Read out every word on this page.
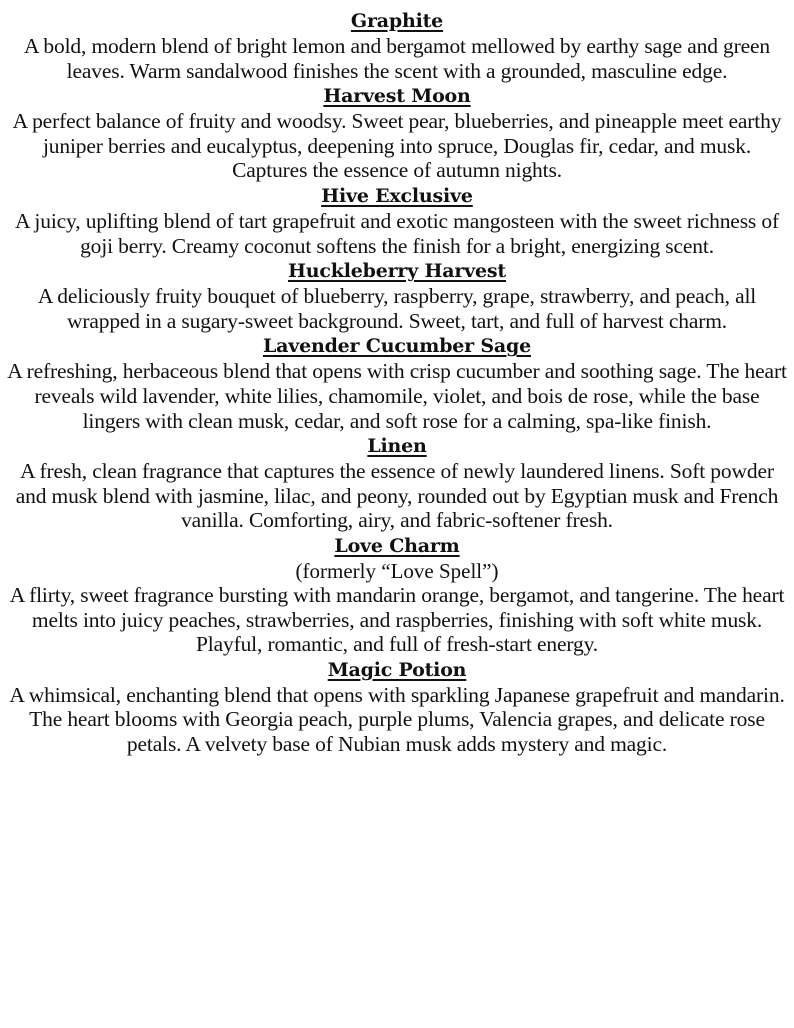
Graphite
A bold, modern blend of bright lemon and bergamot mellowed by earthy sage and green leaves. Warm sandalwood finishes the scent with a grounded, masculine edge.
Harvest Moon
A perfect balance of fruity and woodsy. Sweet pear, blueberries, and pineapple meet earthy juniper berries and eucalyptus, deepening into spruce, Douglas fir, cedar, and musk. Captures the essence of autumn nights.
Hive Exclusive
A juicy, uplifting blend of tart grapefruit and exotic mangosteen with the sweet richness of goji berry. Creamy coconut softens the finish for a bright, energizing scent.
Huckleberry Harvest
A deliciously fruity bouquet of blueberry, raspberry, grape, strawberry, and peach, all wrapped in a sugary-sweet background. Sweet, tart, and full of harvest charm.
Lavender Cucumber Sage
A refreshing, herbaceous blend that opens with crisp cucumber and soothing sage. The heart reveals wild lavender, white lilies, chamomile, violet, and bois de rose, while the base lingers with clean musk, cedar, and soft rose for a calming, spa-like finish.
Linen
A fresh, clean fragrance that captures the essence of newly laundered linens. Soft powder and musk blend with jasmine, lilac, and peony, rounded out by Egyptian musk and French vanilla. Comforting, airy, and fabric-softener fresh.
Love Charm
(formerly “Love Spell”)
A flirty, sweet fragrance bursting with mandarin orange, bergamot, and tangerine. The heart melts into juicy peaches, strawberries, and raspberries, finishing with soft white musk. Playful, romantic, and full of fresh-start energy.
Magic Potion
A whimsical, enchanting blend that opens with sparkling Japanese grapefruit and mandarin. The heart blooms with Georgia peach, purple plums, Valencia grapes, and delicate rose petals. A velvety base of Nubian musk adds mystery and magic.
